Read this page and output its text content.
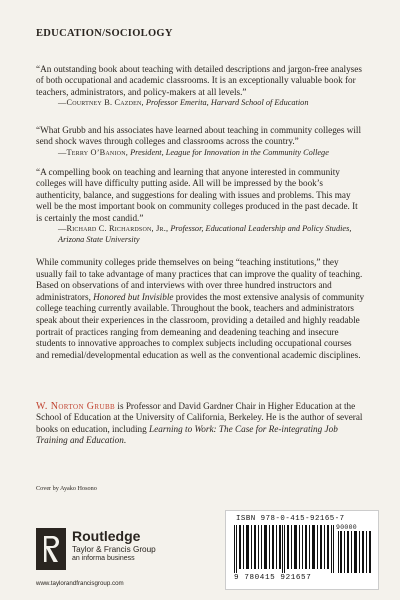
EDUCATION/SOCIOLOGY

“An outstanding book about teaching with detailed descriptions and jargon-free analyses of both occupational and academic classrooms. It is an exceptionally valuable book for teachers, administrators, and policy-makers at all levels.”

—Courtney B. Cazden, Professor Emerita, Harvard School of Education

“What Grubb and his associates have learned about teaching in community colleges will send shock waves through colleges and classrooms across the country.”

—Terry O’Banion, President, League for Innovation in the Community College

“A compelling book on teaching and learning that anyone interested in community colleges will have difficulty putting aside. All will be impressed by the book’s authenticity, balance, and suggestions for dealing with issues and problems. This may well be the most important book on community colleges produced in the past decade. It is certainly the most candid.”

—Richard C. Richardson, Jr., Professor, Educational Leadership and Policy Studies, Arizona State University

While community colleges pride themselves on being “teaching institutions,” they usually fail to take advantage of many practices that can improve the quality of teaching. Based on observations of and interviews with over three hundred instructors and administrators, Honored but Invisible provides the most extensive analysis of community college teaching currently available. Throughout the book, teachers and administrators speak about their experiences in the classroom, providing a detailed and highly readable portrait of practices ranging from demeaning and deadening teaching and insecure students to innovative approaches to complex subjects including occupational courses and remedial/developmental education as well as the conventional academic disciplines.

W. Norton Grubb is Professor and David Gardner Chair in Higher Education at the School of Education at the University of California, Berkeley. He is the author of several books on education, including Learning to Work: The Case for Re-integrating Job Training and Education.

Cover by Ayako Hosono
Routledge
Taylor & Francis Group
an informa business
www.taylorandfrancisgroup.com
ISBN 978-0-415-92165-7
90000
9 780415 921657
